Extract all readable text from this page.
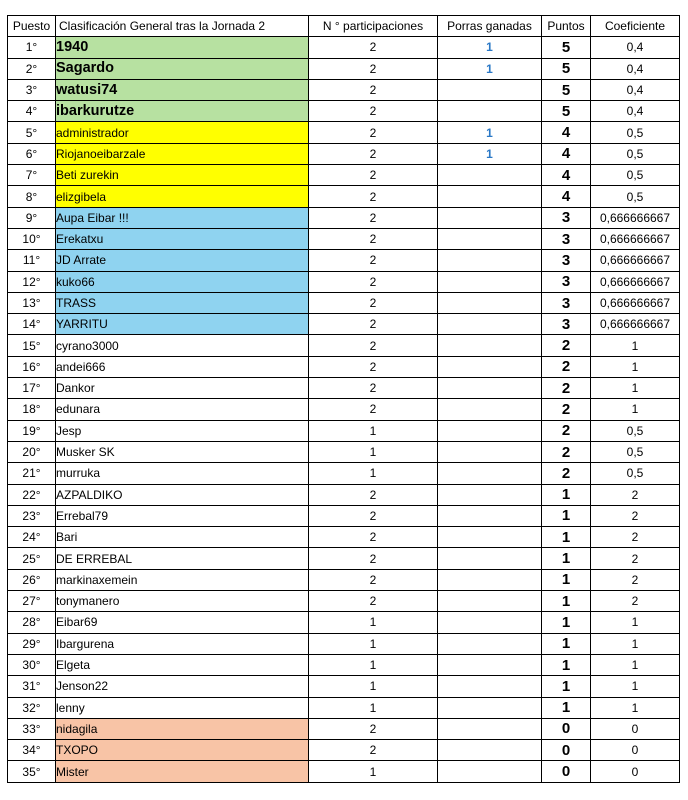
Puesto	Clasificación General tras la Jornada 2	N ° participaciones	Porras ganadas	Puntos	Coeficiente
1°	1940	2	1	5	0,4
2°	Sagardo	2	1	5	0,4
3°	watusi74	2		5	0,4
4°	ibarkurutze	2		5	0,4
5°	administrador	2	1	4	0,5
6°	Riojanoeibarzale	2	1	4	0,5
7°	Beti zurekin	2		4	0,5
8°	elizgibela	2		4	0,5
9°	Aupa Eibar !!!	2		3	0,666666667
10°	Erekatxu	2		3	0,666666667
11°	JD Arrate	2		3	0,666666667
12°	kuko66	2		3	0,666666667
13°	TRASS	2		3	0,666666667
14°	YARRITU	2		3	0,666666667
15°	cyrano3000	2		2	1
16°	andei666	2		2	1
17°	Dankor	2		2	1
18°	edunara	2		2	1
19°	Jesp	1		2	0,5
20°	Musker SK	1		2	0,5
21°	murruka	1		2	0,5
22°	AZPALDIKO	2		1	2
23°	Errebal79	2		1	2
24°	Bari	2		1	2
25°	DE ERREBAL	2		1	2
26°	markinaxemein	2		1	2
27°	tonymanero	2		1	2
28°	Eibar69	1		1	1
29°	Ibargurena	1		1	1
30°	Elgeta	1		1	1
31°	Jenson22	1		1	1
32°	lenny	1		1	1
33°	nidagila	2		0	0
34°	TXOPO	2		0	0
35°	Mister	1		0	0
